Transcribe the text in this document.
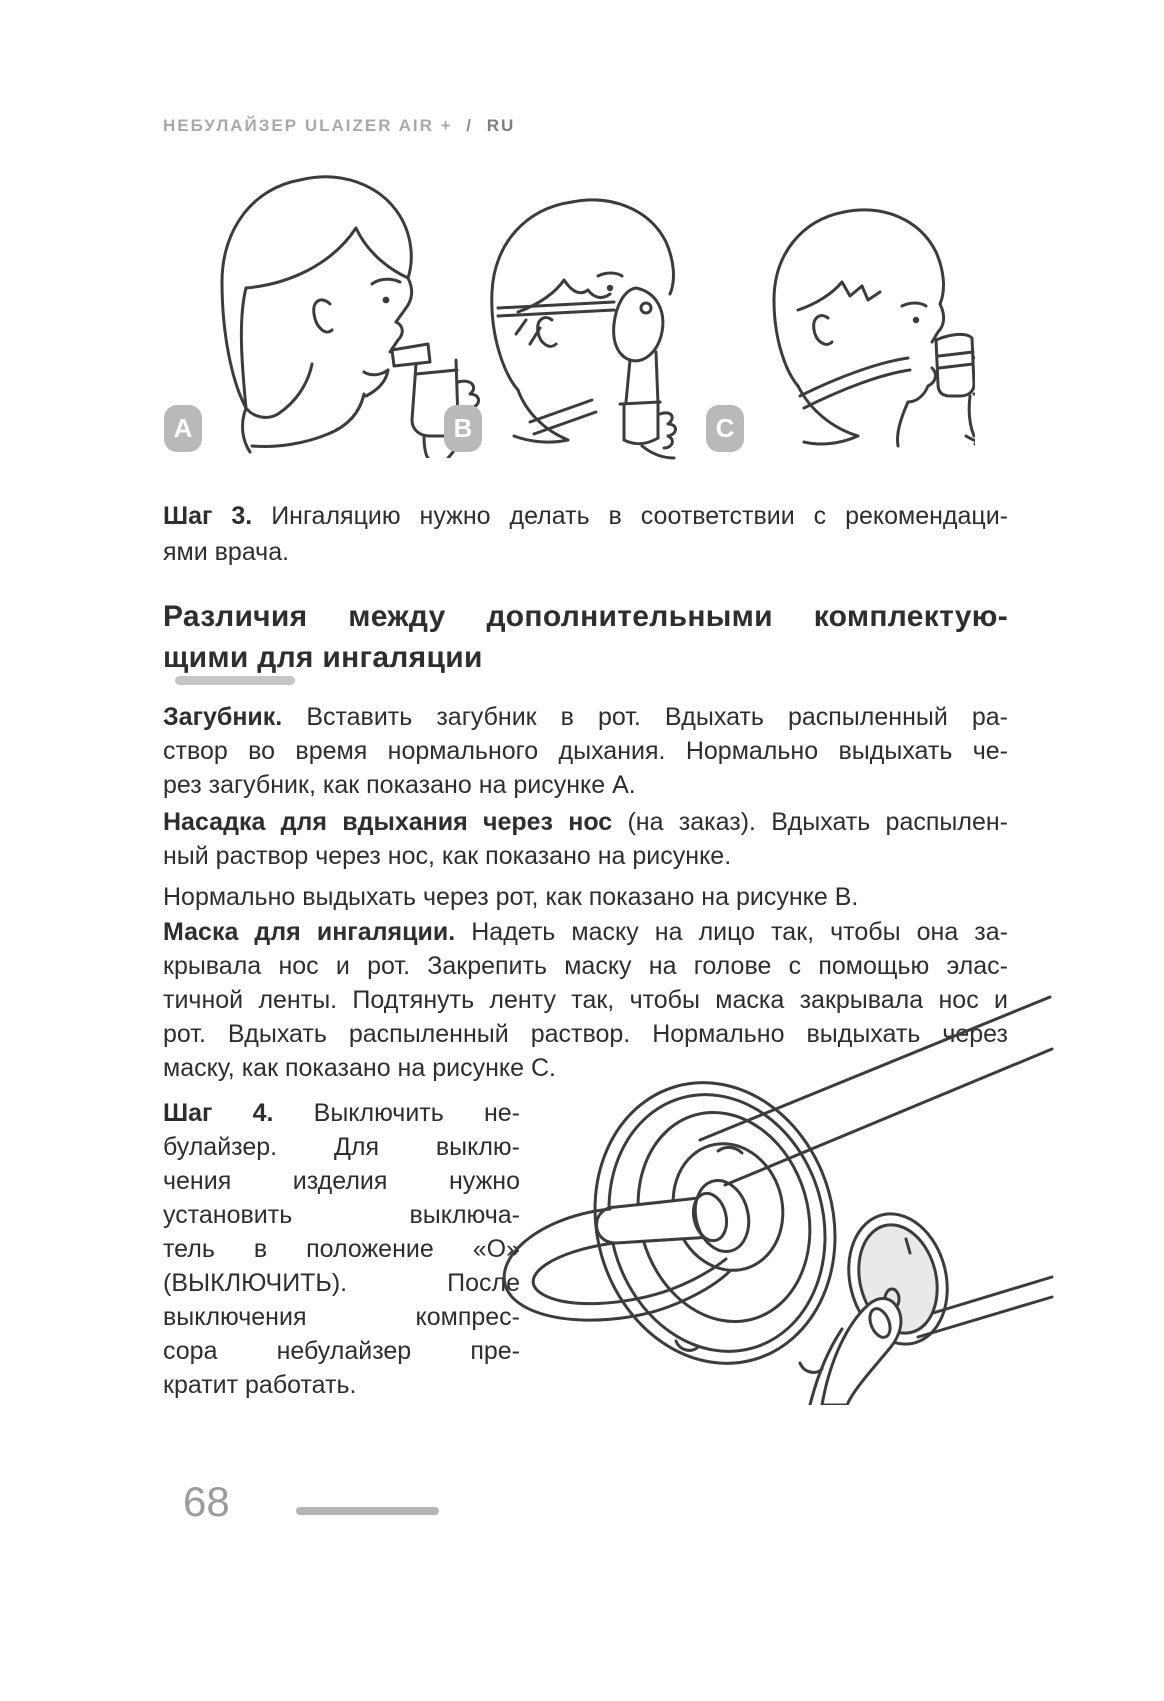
НЕБУЛАЙЗЕР ULAIZER AIR + / RU
A	B	C
Шаг 3. Ингаляцию нужно делать в соответствии с рекомендаци-
ями врача.
Различия между дополнительными комплектую-
щими для ингаляции
Загубник. Вставить загубник в рот. Вдыхать распыленный ра-
створ во время нормального дыхания. Нормально выдыхать че-
рез загубник, как показано на рисунке А.
Насадка для вдыхания через нос (на заказ). Вдыхать распылен-
ный раствор через нос, как показано на рисунке.
Нормально выдыхать через рот, как показано на рисунке В.
Маска для ингаляции. Надеть маску на лицо так, чтобы она за-
крывала нос и рот. Закрепить маску на голове с помощью элас-
тичной ленты. Подтянуть ленту так, чтобы маска закрывала нос и
рот. Вдыхать распыленный раствор. Нормально выдыхать через
маску, как показано на рисунке С.
Шаг 4. Выключить не-
булайзер. Для выклю-
чения изделия нужно
установить выключа-
тель в положение «О»
(ВЫКЛЮЧИТЬ). После
выключения компрес-
сора небулайзер пре-
кратит работать.
68
